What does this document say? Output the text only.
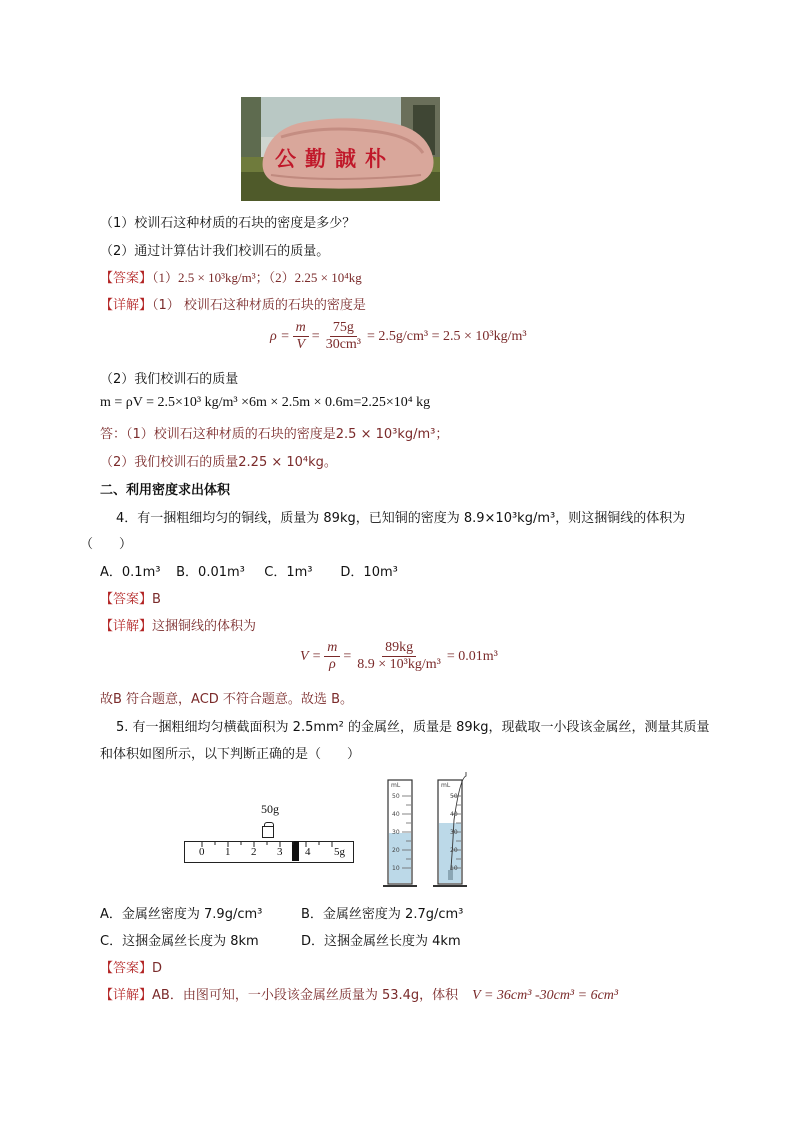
公勤誠朴
（1）校训石这种材质的石块的密度是多少？
（2）通过计算估计我们校训石的质量。
【答案】（1）2.5 × 10³kg/m³；（2）2.25 × 10⁴kg
【详解】（1） 校训石这种材质的石块的密度是
$\rho = \frac{m}{V} = \frac{75g}{\text{30cm³}} = 2.5g/cm^3 = 2.5 \times 10^3kg/m^3$
（2）我们校训石的质量
m = ρV = 2.5×10³ kg/m³ ×6m × 2.5m × 0.6m=2.25×10⁴ kg
答：（1）校训石这种材质的石块的密度是2.5 × 10³kg/m³；
（2）我们校训石的质量2.25 × 10⁴kg。
二、利用密度求出体积
4．有一捆粗细均匀的铜线，质量为 89kg，已知铜的密度为 8.9×10³kg/m³，则这捆铜线的体积为
（　　）
A．0.1m³ B．0.01m³ C．1m³ D．10m³
【答案】B
【详解】这捆铜线的体积为
$V = \frac{m}{\rho} = \frac{89kg}{\text{8.9 × 10³kg/m³}} = 0.01m^3$
故B 符合题意，ACD 不符合题意。故选 B。
5. 有一捆粗细均匀横截面积为 2.5mm² 的金属丝，质量是 89kg，现截取一小段该金属丝，测量其质量
和体积如图所示，以下判断正确的是（　　）
50g
0 1 2 3 4 5g
mL
50
40
30
20
10
mL
50
40
30
20
10
A．金属丝密度为 7.9g/cm³	B．金属丝密度为 2.7g/cm³
C．这捆金属丝长度为 8km	D．这捆金属丝长度为 4km
【答案】D
【详解】AB．由图可知，一小段该金属丝质量为 53.4g，体积 V = 36cm³ -30cm³ = 6cm³
